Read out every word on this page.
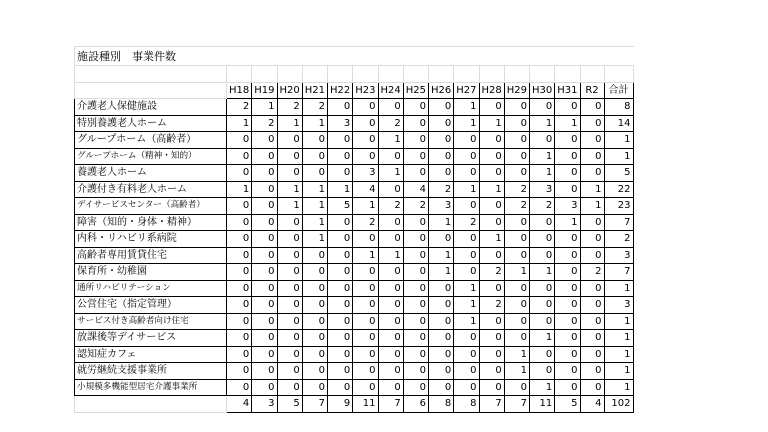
施設種別　事業件数

	H18	H19	H20	H21	H22	H23	H24	H25	H26	H27	H28	H29	H30	H31	R2	合計
介護老人保健施設	2	1	2	2	0	0	0	0	0	1	0	0	0	0	0	8
特別養護老人ホーム	1	2	1	1	3	0	2	0	0	1	1	0	1	1	0	14
グループホーム（高齢者）	0	0	0	0	0	0	1	0	0	0	0	0	0	0	0	1
グループホーム（精神・知的）	0	0	0	0	0	0	0	0	0	0	0	0	1	0	0	1
養護老人ホーム	0	0	0	0	0	3	1	0	0	0	0	0	1	0	0	5
介護付き有料老人ホーム	1	0	1	1	1	4	0	4	2	1	1	2	3	0	1	22
デイサービスセンター（高齢者）	0	0	1	1	5	1	2	2	3	0	0	2	2	3	1	23
障害（知的・身体・精神）	0	0	0	1	0	2	0	0	1	2	0	0	0	1	0	7
内科・リハビリ系病院	0	0	0	1	0	0	0	0	0	0	1	0	0	0	0	2
高齢者専用賃貸住宅	0	0	0	0	0	1	1	0	1	0	0	0	0	0	0	3
保育所・幼稚園	0	0	0	0	0	0	0	0	1	0	2	1	1	0	2	7
通所リハビリテーション	0	0	0	0	0	0	0	0	0	1	0	0	0	0	0	1
公営住宅（指定管理）	0	0	0	0	0	0	0	0	0	1	2	0	0	0	0	3
サービス付き高齢者向け住宅	0	0	0	0	0	0	0	0	0	1	0	0	0	0	0	1
放課後等デイサービス	0	0	0	0	0	0	0	0	0	0	0	0	1	0	0	1
認知症カフェ	0	0	0	0	0	0	0	0	0	0	0	1	0	0	0	1
就労継続支援事業所	0	0	0	0	0	0	0	0	0	0	0	1	0	0	0	1
小規模多機能型居宅介護事業所	0	0	0	0	0	0	0	0	0	0	0	0	1	0	0	1
	4	3	5	7	9	11	7	6	8	8	7	7	11	5	4	102
